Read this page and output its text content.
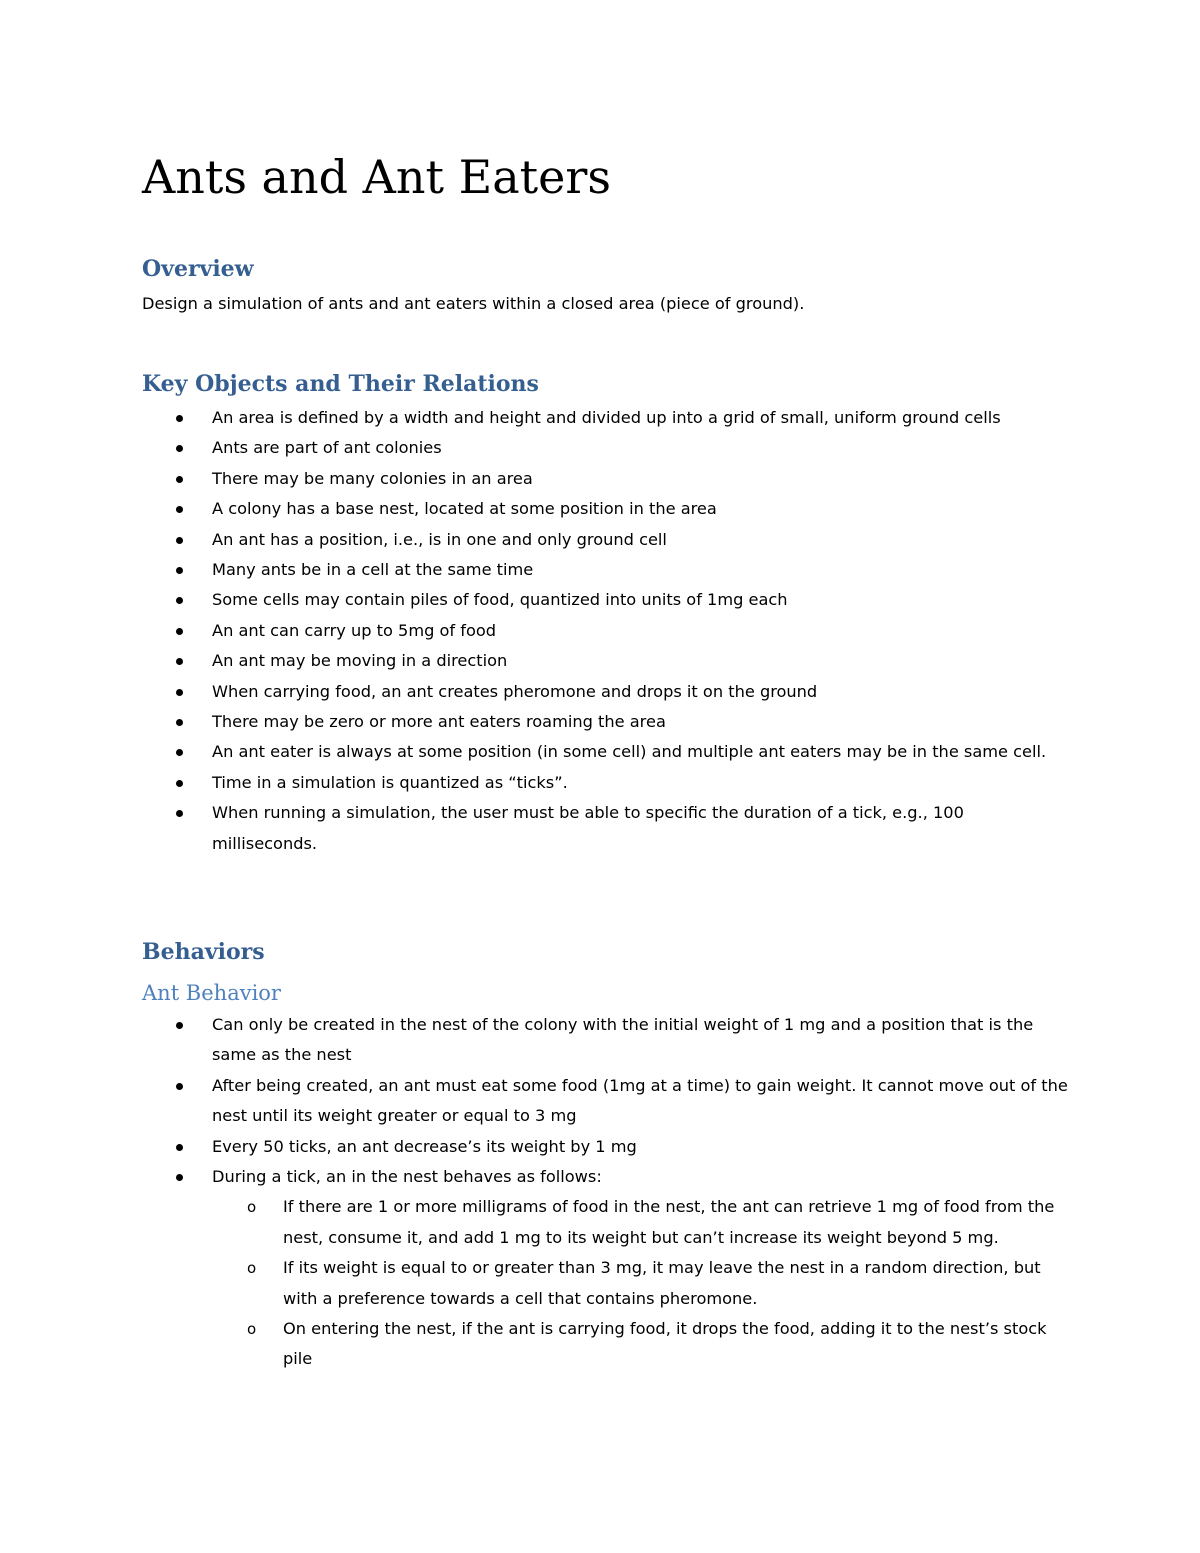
Ants and Ant Eaters
Overview

Design a simulation of ants and ant eaters within a closed area (piece of ground).

Key Objects and Their Relations
An area is defined by a width and height and divided up into a grid of small, uniform ground cells
Ants are part of ant colonies
There may be many colonies in an area
A colony has a base nest, located at some position in the area
An ant has a position, i.e., is in one and only ground cell
Many ants be in a cell at the same time
Some cells may contain piles of food, quantized into units of 1mg each
An ant can carry up to 5mg of food
An ant may be moving in a direction
When carrying food, an ant creates pheromone and drops it on the ground
There may be zero or more ant eaters roaming the area
An ant eater is always at some position (in some cell) and multiple ant eaters may be in the same cell.
Time in a simulation is quantized as “ticks”.
When running a simulation, the user must be able to specific the duration of a tick, e.g., 100 milliseconds.
Behaviors
Ant Behavior
Can only be created in the nest of the colony with the initial weight of 1 mg and a position that is the same as the nest
After being created, an ant must eat some food (1mg at a time) to gain weight. It cannot move out of the nest until its weight greater or equal to 3 mg
Every 50 ticks, an ant decrease’s its weight by 1 mg
During a tick, an in the nest behaves as follows:
o If there are 1 or more milligrams of food in the nest, the ant can retrieve 1 mg of food from the nest, consume it, and add 1 mg to its weight but can’t increase its weight beyond 5 mg.
o If its weight is equal to or greater than 3 mg, it may leave the nest in a random direction, but with a preference towards a cell that contains pheromone.
o On entering the nest, if the ant is carrying food, it drops the food, adding it to the nest’s stock pile
